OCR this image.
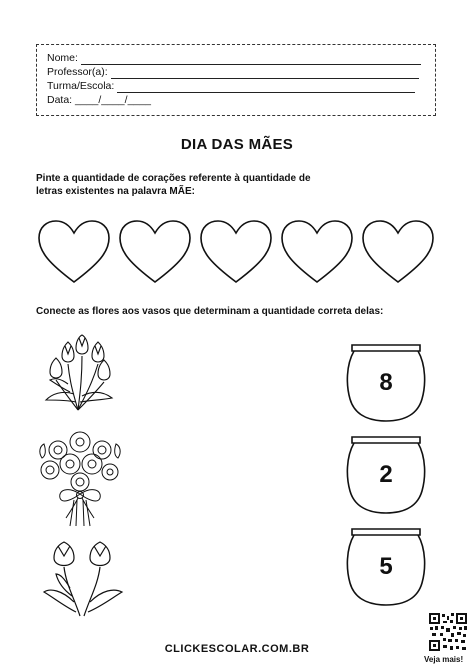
Nome:
Professor(a):
Turma/Escola:
Data: ____/____/____
DIA DAS MÃES
Pinte a quantidade de corações referente à quantidade de
letras existentes na palavra MÃE:
Conecte as flores aos vasos que determinam a quantidade correta delas:
8
2
5
CLICKESCOLAR.COM.BR
Veja mais!
